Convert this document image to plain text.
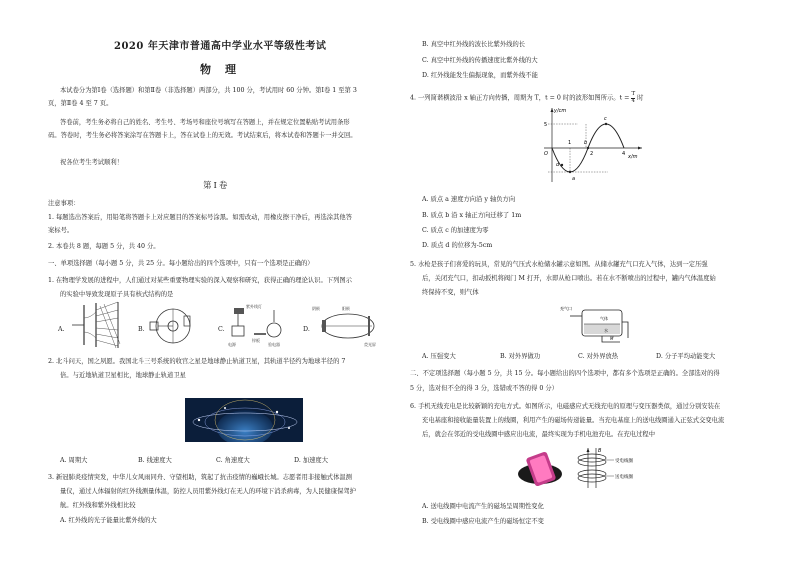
2020 年天津市普通高中学业水平等级性考试
物理
本试卷分为第Ⅰ卷（选择题）和第Ⅱ卷（非选择题）两部分，共 100 分，考试用时 60 分钟。第Ⅰ卷 1 至第 3
页，第Ⅱ卷 4 至 7 页。
答卷前，考生务必将自己的姓名、考生号、考场号和座位号填写在答题上，并在规定位置粘贴考试用条形
码。答卷时，考生务必将答案涂写在答题卡上，答在试卷上的无效。考试结束后，将本试卷和答题卡一并交回。
祝各位考生考试顺利！
第Ⅰ卷
注意事项：
1. 每题选出答案后，用铅笔将答题卡上对应题目的答案标号涂黑。如需改动，用橡皮擦干净后，再选涂其他答
案标号。
2. 本卷共 8 题，每题 5 分，共 40 分。
一、单项选择题（每小题 5 分，共 25 分。每小题给出的四个选项中，只有一个选项是正确的）
1. 在物理学发展的进程中，人们通过对某些重要物理实验的深入观察和研究，获得正确的理论认识。下列图示
的实验中导致发现原子具有核式结构的是
A.	B.	C.
电源
紫外线灯
验电器
锌板
D.
阴极	阳极
荧光屏
2. 北斗问天，国之夙愿。我国北斗三号系统的收官之星是地球静止轨道卫星，其轨道半径约为地球半径的 7
倍。与近地轨道卫星相比，地球静止轨道卫星
A. 周期大	B. 线速度大	C. 角速度大	D. 加速度大
3. 新冠肺炎疫情突发，中华儿女风雨同舟、守望相助，筑起了抗击疫情的巍峨长城。志愿者用非接触式体温测
量仪，通过人体辐射的红外线测量体温，防控人员用紫外线灯在无人的环境下消杀病毒，为人民健康保驾护
航。红外线和紫外线相比较
A. 红外线的光子能量比紫外线的大
B. 真空中红外线的波长比紫外线的长
C. 真空中红外线的传播速度比紫外线的大
D. 红外线能发生偏振现象，而紫外线不能
4. 一列简谐横波沿 x 轴正方向传播，周期为 T，t = 0 时的波形如图所示。$t = \frac{T}{4}$ 时
y/cm
x/m
O
5
1
2	4
a
b
c
d
A. 质点 a 速度方向沿 y 轴负方向
B. 质点 b 沿 x 轴正方向迁移了 1m
C. 质点 c 的加速度为零
D. 质点 d 的位移为-5cm
5. 水枪是孩子们喜爱的玩具，常见的气压式水枪储水罐示意如图。从储水罐充气口充入气体，达到一定压强
后，关闭充气口，扣动扳机将阀门 M 打开，水即从枪口喷出。若在水不断喷出的过程中，罐内气体温度始
终保持不变，则气体
充气口
气体
水
M
A. 压强变大	B. 对外界做功	C. 对外界放热	D. 分子平均动能变大
二、不定项选择题（每小题 5 分，共 15 分。每小题给出的四个选项中，都有多个选项是正确的。全部选对的得
5 分，选对但不全的得 3 分，选错或不答的得 0 分）
6. 手机无线充电是比较新颖的充电方式。如图所示，电磁感应式无线充电的原理与变压器类似，通过分别安装在
充电基座和接收能量装置上的线圈，利用产生的磁场传递能量。当充电基座上的送电线圈通入正弦式交变电流
后，就会在邻近的受电线圈中感应出电流，最终实现为手机电池充电。在充电过程中
B
受电线圈
送电线圈
A. 送电线圈中电流产生的磁场呈周期性变化
B. 受电线圈中感应电流产生的磁场恒定不变
